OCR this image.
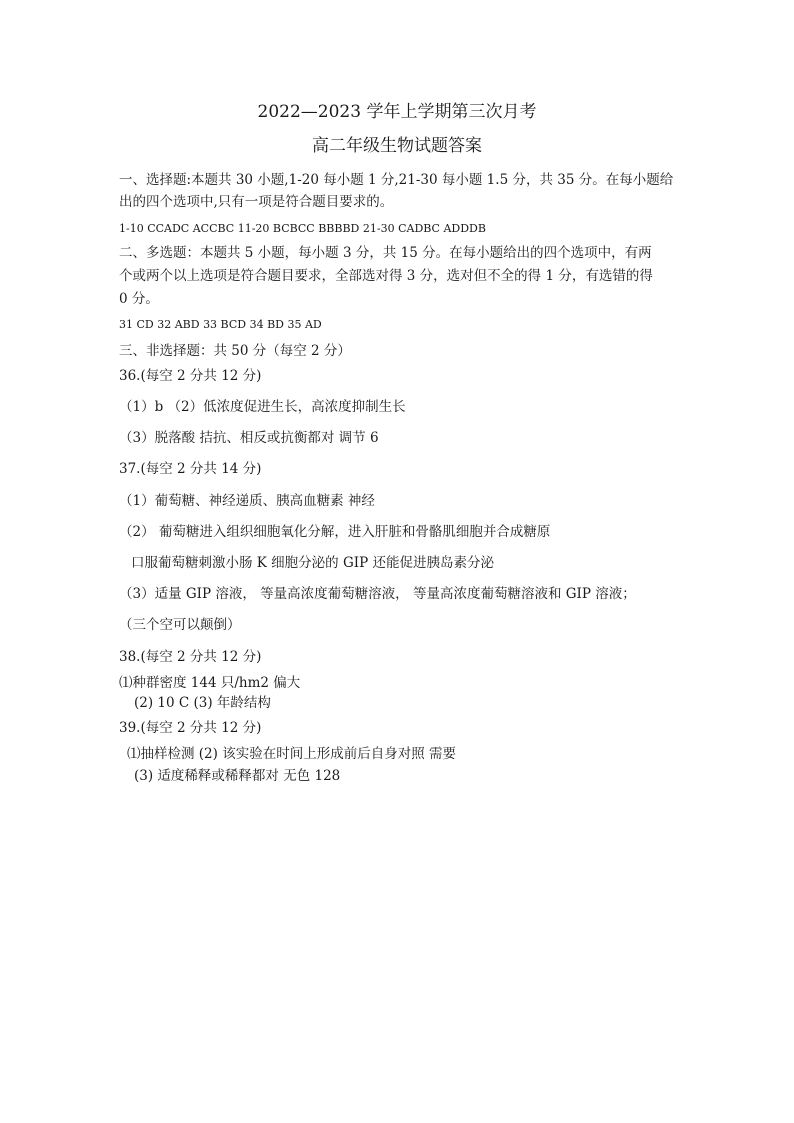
2022—2023 学年上学期第三次月考
高二年级生物试题答案
一、选择题:本题共 30 小题,1-20 每小题 1 分,21-30 每小题 1.5 分，共 35 分。在每小题给
出的四个选项中,只有一项是符合题目要求的。
1-10 CCADC ACCBC 11-20 BCBCC BBBBD 21-30 CADBC ADDDB
二、多选题：本题共 5 小题，每小题 3 分，共 15 分。在每小题给出的四个选项中，有两
个或两个以上选项是符合题目要求，全部选对得 3 分，选对但不全的得 1 分，有选错的得
0 分。
31 CD 32 ABD 33 BCD 34 BD 35 AD
三、非选择题：共 50 分（每空 2 分）
36.(每空 2 分共 12 分)
（1）b （2）低浓度促进生长，高浓度抑制生长
（3）脱落酸 拮抗、相反或抗衡都对 调节 6
37.(每空 2 分共 14 分)
（1）葡萄糖、神经递质、胰高血糖素 神经
（2） 葡萄糖进入组织细胞氧化分解，进入肝脏和骨骼肌细胞并合成糖原
口服葡萄糖刺激小肠 K 细胞分泌的 GIP 还能促进胰岛素分泌
（3）适量 GIP 溶液， 等量高浓度葡萄糖溶液， 等量高浓度葡萄糖溶液和 GIP 溶液；
（三个空可以颠倒）
38.(每空 2 分共 12 分)
⑴种群密度 144 只/hm2 偏大
(2) 10 C (3) 年龄结构
39.(每空 2 分共 12 分)
⑴抽样检测 (2) 该实验在时间上形成前后自身对照 需要
(3) 适度稀释或稀释都对 无色 128
